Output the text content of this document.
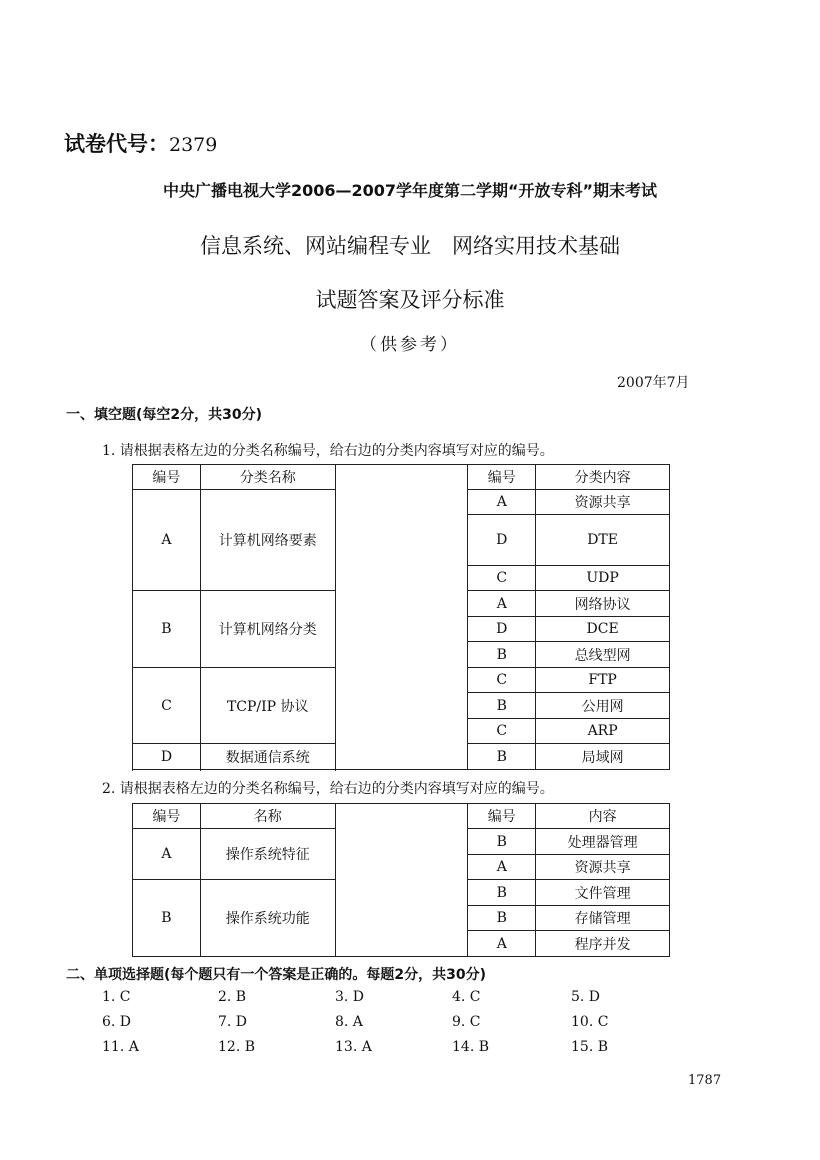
试卷代号：2379
中央广播电视大学2006—2007学年度第二学期“开放专科”期末考试
信息系统、网站编程专业　网络实用技术基础
试题答案及评分标准
（供参考）
2007年7月
一、填空题(每空2分，共30分)
1. 请根据表格左边的分类名称编号，给右边的分类内容填写对应的编号。
编号	分类名称		编号	分类内容
A	计算机网络要素		A	资源共享
			D	DTE
			C	UDP
B	计算机网络分类		A	网络协议
			D	DCE
			B	总线型网
C	TCP/IP 协议		C	FTP
			B	公用网
			C	ARP
D	数据通信系统		B	局域网

2. 请根据表格左边的分类名称编号，给右边的分类内容填写对应的编号。
编号	名称		编号	内容
A	操作系统特征		B	处理器管理
			A	资源共享
B	操作系统功能		B	文件管理
			B	存储管理
			A	程序并发
二、单项选择题(每个题只有一个答案是正确的。每题2分，共30分)
1. C	2. B	3. D	4. C	5. D
6. D	7. D	8. A	9. C	10. C
11. A	12. B	13. A	14. B	15. B
1787
